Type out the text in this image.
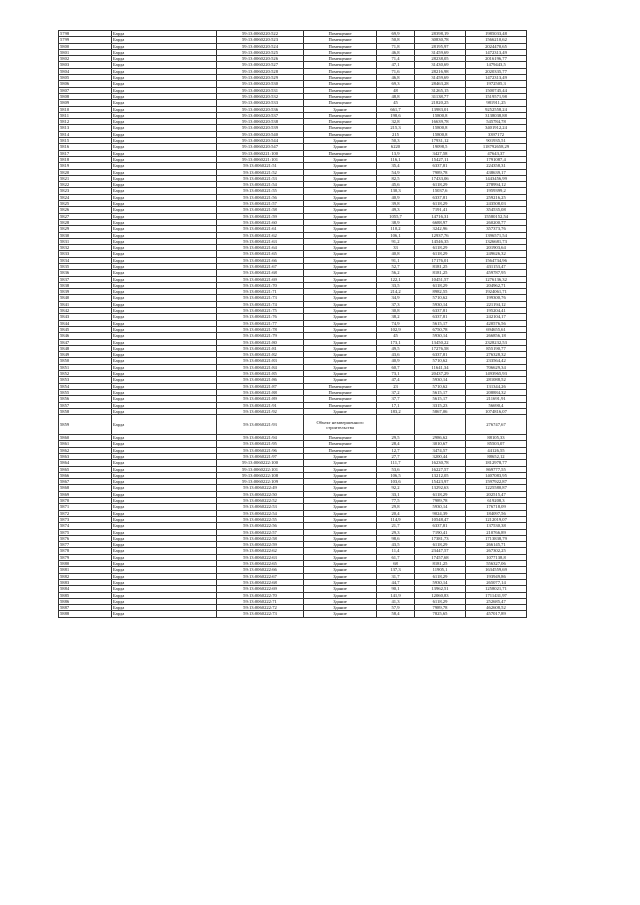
5798	Барда	59:13:0060220:522	Помещение	69,9	28398,19	1985033,48
5799	Барда	59:13:0060220:523	Помещение	50,8	30830,78	1566210,62
5800	Барда	59:13:0060220:524	Помещение	71,8	28195,97	2024470,65
5801	Барда	59:13:0060220:525	Помещение	46,8	31459,69	1472313,49
5802	Барда	59:13:0060220:526	Помещение	71,4	28238,05	2016196,77
5803	Барда	59:13:0060220:527	Помещение	47,1	31430,69	1479443,5
5804	Барда	59:13:0060220:528	Помещение	71,6	28216,98	2020335,77
5805	Барда	59:13:0060220:529	Помещение	46,8	31459,69	1472313,49
5806	Барда	59:13:0060220:530	Помещение	69,3	28463,28	1972505,3
5807	Барда	59:13:0060220:531	Помещение	48	31265,15	1500745,44
5808	Барда	59:13:0060220:532	Помещение	48,8	31138,77	1519571,98
5809	Барда	59:13:0060220:533	Помещение	45	21820,25	981911,25
5810	Барда	59:13:0060220:536	Здание	661,7	13983,01	9252558,24
5811	Барда	59:13:0060220:537	Помещение	198,6	15800,8	3138038,88
5812	Барда	59:13:0060220:538	Помещение	32,8	16639,78	545784,78
5813	Барда	59:13:0060220:539	Помещение	215,3	15800,8	3401912,24
5814	Барда	59:13:0060220:540	Помещение	215	15800,8	3397172
5815	Барда	59:13:0060220:544	Здание	50,3	17931,12	901935,51
5816	Барда	59:13:0060220:547	Здание	6220	19098,5	118792658,29
5817	Барда	59:13:0060221:100	Помещение	13,9	3427,58	47643,37
5818	Барда	59:13:0060221:101	Здание	116,1	15427,11	1791087,4
5819	Барда	59:13:0060221:51	Здание	35,4	6337,81	224358,31
5820	Барда	59:13:0060221:52	Здание	54,9	7989,78	438639,17
5821	Барда	59:13:0060221:53	Здание	82,5	17433,06	1443456,99
5822	Барда	59:13:0060221:54	Здание	45,6	6118,29	278994,12
5823	Барда	59:13:0060221:55	Здание	130,3	15037,6	1959399,2
5824	Барда	59:13:0060221:56	Здание	40,9	6337,81	259216,25
5825	Барда	59:13:0060221:57	Здание	39,8	6118,29	243508,03
5826	Барда	59:13:0060221:58	Здание	49,3	7191,41	354535,08
5827	Барда	59:13:0060221:59	Здание	1055,7	14716,31	15580152,54
5828	Барда	59:13:0060221:60	Здание	38,9	6688,97	260200,77
5829	Барда	59:13:0060221:61	Здание	110,2	3242,96	357373,76
5830	Барда	59:13:0060221:62	Здание	106,1	12937,76	1396571,54
5831	Барда	59:13:0060221:63	Здание	91,2	14546,35	1326681,73
5832	Барда	59:13:0060221:64	Здание	33	6118,29	201903,64
5833	Барда	59:13:0060221:65	Здание	40,8	6118,29	249626,32
5834	Барда	59:13:0060221:66	Здание	91,1	17176,01	1564734,96
5835	Барда	59:13:0060221:67	Здание	52,7	8181,25	431153,47
5836	Барда	59:13:0060221:68	Здание	56,2	8181,25	459787,95
5837	Барда	59:13:0060221:69	Здание	122,1	10451,57	1276136,32
5838	Барда	59:13:0060221:70	Здание	33,5	6118,29	204962,71
5839	Барда	59:13:0060221:71	Здание	214,2	8982,55	1924061,71
5840	Барда	59:13:0060221:73	Здание	34,9	5710,62	199300,76
5841	Барда	59:13:0060221:74	Здание	37,3	5930,14	221194,12
5842	Барда	59:13:0060221:75	Здание	30,8	6337,81	195204,41
5843	Барда	59:13:0060221:76	Здание	38,2	6337,81	242104,17
5844	Барда	59:13:0060221:77	Здание	74,9	5615,17	420576,56
5845	Барда	59:13:0060221:78	Здание	102,9	6750,78	694655,61
5846	Барда	59:13:0060221:79	Здание	45	5930,14	266856,18
5847	Барда	59:13:0060221:80	Здание	173,1	13450,22	2328232,53
5848	Барда	59:13:0060221:81	Здание	49,5	17276,58	855190,77
5849	Барда	59:13:0060221:82	Здание	43,6	6337,81	276328,32
5850	Барда	59:13:0060221:83	Здание	40,9	5710,62	233564,42
5851	Барда	59:13:0060221:84	Здание	60,7	11641,34	706629,34
5852	Барда	59:13:0060221:85	Здание	73,1	20437,29	1493965,93
5853	Барда	59:13:0060221:86	Здание	47,4	5930,14	281088,52
5854	Барда	59:13:0060221:87	Помещение	23	5710,62	131344,26
5855	Барда	59:13:0060221:88	Помещение	37,2	5615,17	208884,32
5856	Барда	59:13:0060221:89	Помещение	37,7	5615,17	211691,91
5857	Барда	59:13:0060221:91	Помещение	17,1	3315,23	56690,4
5858	Барда	59:13:0060221:92	Здание	183,2	5867,06	1074816,07
5859	Барда	59:13:0060221:93	Объект незавершенного строительства			276747,67
5860	Барда	59:13:0060221:94	Помещение	29,5	2986,62	88105,33
5861	Барда	59:13:0060221:95	Помещение	28,4	3010,67	85503,07
5862	Барда	59:13:0060221:96	Помещение	12,7	3474,57	44126,55
5863	Барда	59:13:0060221:97	Здание	27,7	3200,44	88652,12
5864	Барда	59:13:0060222:100	Здание	111,7	16230,78	1812978,77
5865	Барда	59:13:0060222:101	Здание	53,6	16227,57	869777,55
5866	Барда	59:13:0060222:108	Здание	106,5	13212,05	1407083,95
5867	Барда	59:13:0060222:109	Здание	103,6	15423,97	1597922,87
5868	Барда	59:13:0060222:49	Здание	92,2	13292,63	1225580,87
5869	Барда	59:13:0060222:50	Здание	33,1	6118,29	202515,47
5870	Барда	59:13:0060222:52	Здание	77,5	7989,78	619208,3
5871	Барда	59:13:0060222:53	Здание	29,8	5930,14	176718,09
5872	Барда	59:13:0060222:54	Здание	20,4	9024,39	184097,56
5873	Барда	59:13:0060222:55	Здание	114,9	10548,47	1212019,07
5874	Барда	59:13:0060222:56	Здание	21,7	6337,81	137530,38
5875	Барда	59:13:0060222:57	Здание	29,3	7190,41	210766,89
5876	Барда	59:13:0060222:58	Здание	98,6	17381,73	1713838,79
5877	Барда	59:13:0060222:59	Здание	43,5	6118,29	266145,71
5878	Барда	59:13:0060222:62	Здание	11,4	23447,57	267302,25
5879	Барда	59:13:0060222:63	Здание	61,7	17457,68	1077138,8
5880	Барда	59:13:0060222:65	Здание	68	8181,25	556327,06
5881	Барда	59:13:0060222:66	Здание	137,3	11905,1	1634559,69
5882	Барда	59:13:0060222:67	Здание	31,7	6118,29	193949,86
5883	Барда	59:13:0060222:68	Здание	44,7	5930,14	265077,14
5884	Барда	59:13:0060222:69	Здание	90,1	13962,51	1258021,71
5885	Барда	59:13:0060222:70	Здание	141,9	12060,83	1711431,97
5886	Барда	59:13:0060222:71	Здание	41,3	6118,29	252685,47
5887	Барда	59:13:0060222:72	Здание	57,9	7989,78	462608,52
5888	Барда	59:13:0060222:73	Здание	58,4	7825,65	457017,89
